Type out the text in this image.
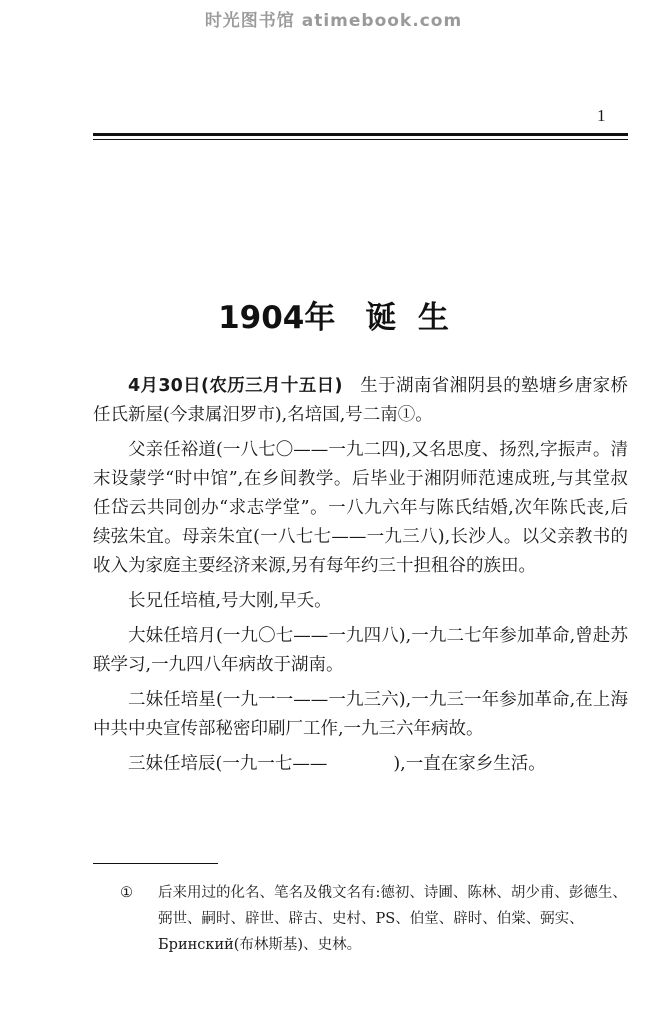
时光图书馆 atimebook.com
1
1904年 诞  生

4月30日(农历三月十五日) 生于湖南省湘阴县的塾塘乡唐家桥任氏新屋(今隶属汨罗市),名培国,号二南①。

父亲任裕道(一八七〇——一九二四),又名思度、扬烈,字振声。清末设蒙学“时中馆”,在乡间教学。后毕业于湘阴师范速成班,与其堂叔任岱云共同创办“求志学堂”。一八九六年与陈氏结婚,次年陈氏丧,后续弦朱宜。母亲朱宜(一八七七——一九三八),长沙人。以父亲教书的收入为家庭主要经济来源,另有每年约三十担租谷的族田。

长兄任培植,号大刚,早夭。

大妹任培月(一九〇七——一九四八),一九二七年参加革命,曾赴苏联学习,一九四八年病故于湖南。

二妹任培星(一九一一——一九三六),一九三一年参加革命,在上海中共中央宣传部秘密印刷厂工作,一九三六年病故。

三妹任培辰(一九一七——	),一直在家乡生活。

①	后来用过的化名、笔名及俄文名有:德初、诗圃、陈林、胡少甫、彭德生、弼世、嗣时、辟世、辟古、史村、PS、伯堂、辟时、伯棠、弼实、Бринский(布林斯基)、史林。
